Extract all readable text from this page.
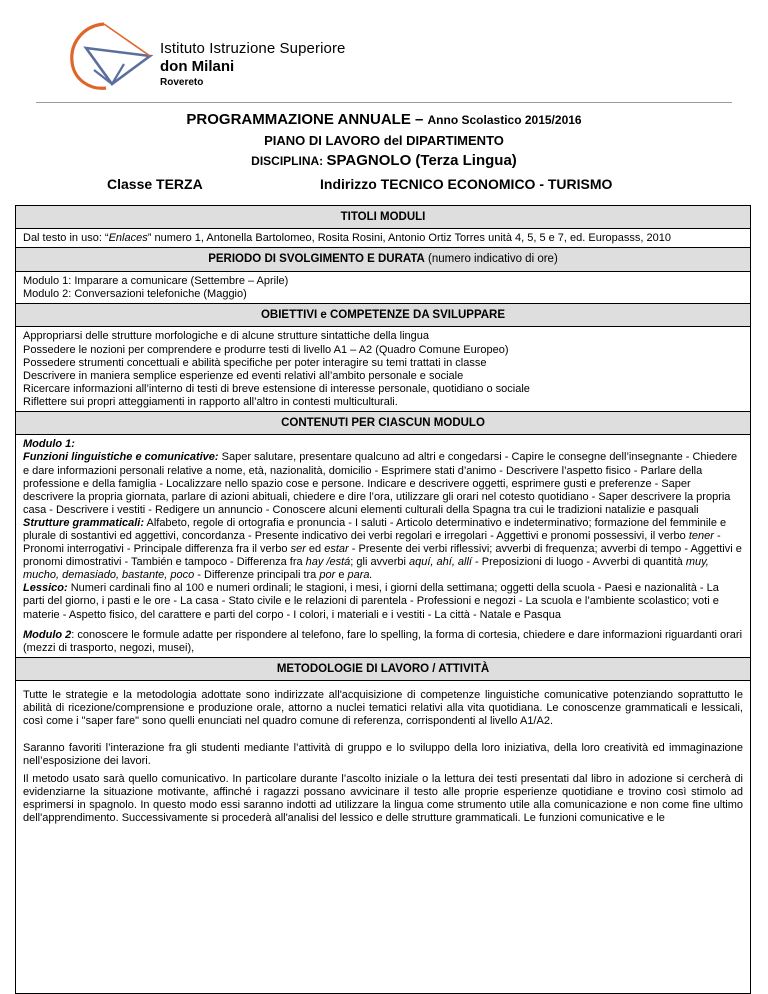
Istituto Istruzione Superiore
don Milani
Rovereto
PROGRAMMAZIONE ANNUALE – Anno Scolastico 2015/2016
PIANO DI LAVORO del DIPARTIMENTO
DISCIPLINA: SPAGNOLO (Terza Lingua)
Classe TERZA	Indirizzo TECNICO ECONOMICO - TURISMO
TITOLI MODULI
Dal testo in uso: “Enlaces” numero 1, Antonella Bartolomeo, Rosita Rosini, Antonio Ortiz Torres unità 4, 5, 5 e 7, ed. Europasss, 2010
PERIODO DI SVOLGIMENTO E DURATA (numero indicativo di ore)

Modulo 1: Imparare a comunicare (Settembre – Aprile)

Modulo 2: Conversazioni telefoniche (Maggio)

OBIETTIVI e COMPETENZE DA SVILUPPARE

Appropriarsi delle strutture morfologiche e di alcune strutture sintattiche della lingua

Possedere le nozioni per comprendere e produrre testi di livello A1 – A2 (Quadro Comune Europeo)

Possedere strumenti concettuali e abilità specifiche per poter interagire su temi trattati in classe

Descrivere in maniera semplice esperienze ed eventi relativi all’ambito personale e sociale

Ricercare informazioni all’interno di testi di breve estensione di interesse personale, quotidiano o sociale

Riflettere sui propri atteggiamenti in rapporto all’altro in contesti multiculturali.

CONTENUTI PER CIASCUN MODULO

Modulo 1:

Funzioni linguistiche e comunicative: Saper salutare, presentare qualcuno ad altri e congedarsi - Capire le consegne dell’insegnante - Chiedere e dare informazioni personali relative a nome, età, nazionalità, domicilio - Esprimere stati d’animo - Descrivere l’aspetto fisico - Parlare della professione e della famiglia - Localizzare nello spazio cose e persone. Indicare e descrivere oggetti, esprimere gusti e preferenze - Saper descrivere la propria giornata, parlare di azioni abituali, chiedere e dire l’ora, utilizzare gli orari nel cotesto quotidiano - Saper descrivere la propria casa - Descrivere i vestiti - Redigere un annuncio - Conoscere alcuni elementi culturali della Spagna tra cui le tradizioni natalizie e pasquali

Strutture grammaticali: Alfabeto, regole di ortografia e pronuncia - I saluti - Articolo determinativo e indeterminativo; formazione del femminile e plurale di sostantivi ed aggettivi, concordanza - Presente indicativo dei verbi regolari e irregolari - Aggettivi e pronomi possessivi, il verbo tener - Pronomi interrogativi - Principale differenza fra il verbo ser ed estar - Presente dei verbi riflessivi; avverbi di frequenza; avverbi di tempo - Aggettivi e pronomi dimostrativi - También e tampoco - Differenza fra hay /está; gli avverbi aquí, ahí, allí - Preposizioni di luogo - Avverbi di quantità muy, mucho, demasiado, bastante, poco - Differenze principali tra por e para.

Lessico: Numeri cardinali fino al 100 e numeri ordinali; le stagioni, i mesi, i giorni della settimana; oggetti della scuola - Paesi e nazionalità - La parti del giorno, i pasti e le ore - La casa - Stato civile e le relazioni di parentela - Professioni e negozi - La scuola e l’ambiente scolastico; voti e materie - Aspetto fisico, del carattere e parti del corpo - I colori, i materiali e i vestiti - La città - Natale e Pasqua

Modulo 2: conoscere le formule adatte per rispondere al telefono, fare lo spelling, la forma di cortesia, chiedere e dare informazioni riguardanti orari (mezzi di trasporto, negozi, musei),

METODOLOGIE DI LAVORO / ATTIVITÀ

Tutte le strategie e la metodologia adottate sono indirizzate all'acquisizione di competenze linguistiche comunicative potenziando soprattutto le abilità di ricezione/comprensione e produzione orale, attorno a nuclei tematici relativi alla vita quotidiana. Le conoscenze grammaticali e lessicali, così come i "saper fare" sono quelli enunciati nel quadro comune di referenza, corrispondenti al livello A1/A2.

Saranno favoriti l’interazione fra gli studenti mediante l’attività di gruppo e lo sviluppo della loro iniziativa, della loro creatività ed immaginazione nell’esposizione dei lavori.

Il metodo usato sarà quello comunicativo. In particolare durante l’ascolto iniziale o la lettura dei testi presentati dal libro in adozione si cercherà di evidenziarne la situazione motivante, affinché i ragazzi possano avvicinare il testo alle proprie esperienze quotidiane e trovino così stimolo ad esprimersi in spagnolo. In questo modo essi saranno indotti ad utilizzare la lingua come strumento utile alla comunicazione e non come fine ultimo dell'apprendimento. Successivamente si procederà all'analisi del lessico e delle strutture grammaticali. Le funzioni comunicative e le
